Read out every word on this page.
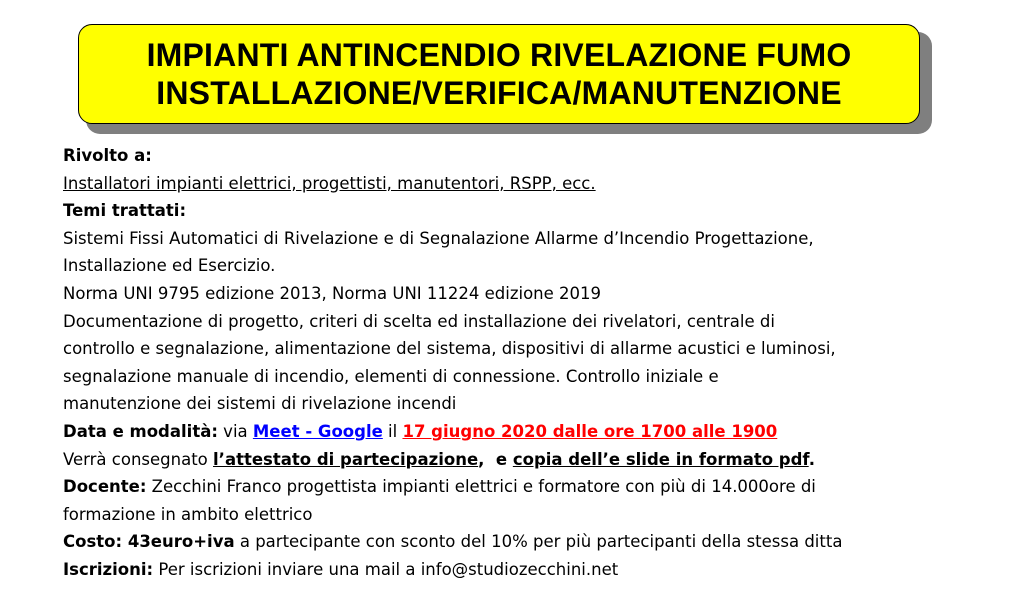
IMPIANTI ANTINCENDIO RIVELAZIONE FUMO
INSTALLAZIONE/VERIFICA/MANUTENZIONE
Rivolto a:
Installatori impianti elettrici, progettisti, manutentori, RSPP, ecc.
Temi trattati:
Sistemi Fissi Automatici di Rivelazione e di Segnalazione Allarme d’Incendio Progettazione,
Installazione ed Esercizio.
Norma UNI 9795 edizione 2013, Norma UNI 11224 edizione 2019
Documentazione di progetto, criteri di scelta ed installazione dei rivelatori, centrale di
controllo e segnalazione, alimentazione del sistema, dispositivi di allarme acustici e luminosi,
segnalazione manuale di incendio, elementi di connessione. Controllo iniziale e
manutenzione dei sistemi di rivelazione incendi
Data e modalità: via Meet - Google il 17 giugno 2020 dalle ore 1700 alle 1900
Verrà consegnato l’attestato di partecipazione,  e copia dell’e slide in formato pdf.
Docente: Zecchini Franco progettista impianti elettrici e formatore con più di 14.000ore di
formazione in ambito elettrico
Costo: 43euro+iva a partecipante con sconto del 10% per più partecipanti della stessa ditta
Iscrizioni: Per iscrizioni inviare una mail a info@studiozecchini.net
